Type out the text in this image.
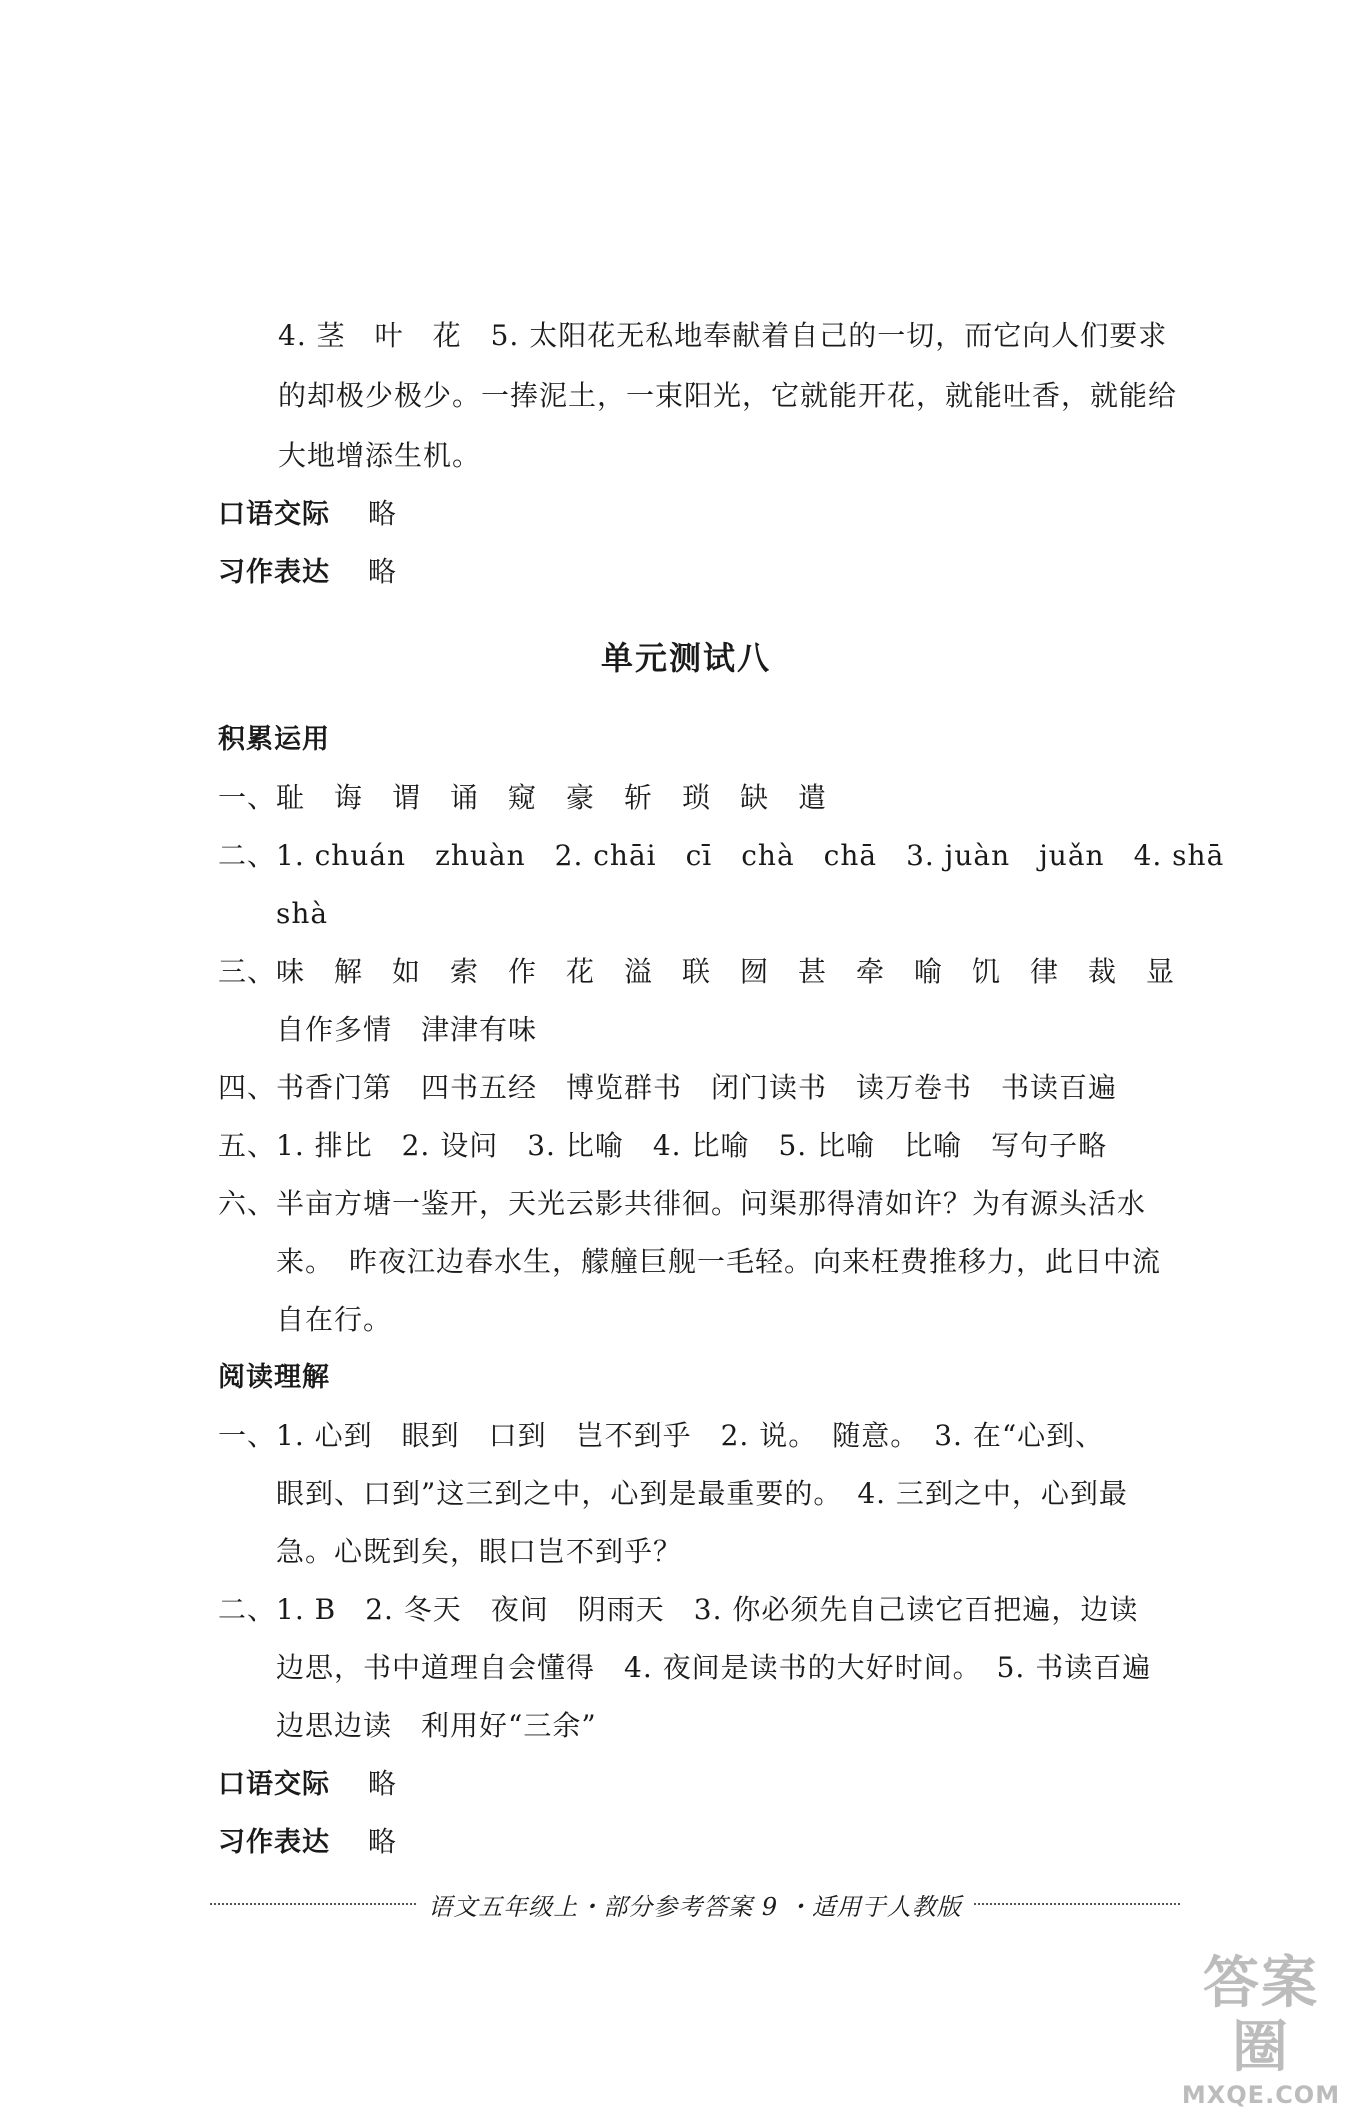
4. 茎　叶　花　5. 太阳花无私地奉献着自己的一切，而它向人们要求
的却极少极少。一捧泥土，一束阳光，它就能开花，就能吐香，就能给
大地增添生机。
口语交际 略
习作表达 略
单元测试八
积累运用
一、耻　诲　谓　诵　窥　豪　斩　琐　缺　遣
二、1. chuán　zhuàn　2. chāi　cī　chà　chā　3. juàn　juǎn　4. shā
　　shà
三、味　解　如　索　作　花　溢　联　囫　甚　牵　喻　饥　律　裁　显
　　自作多情　津津有味
四、书香门第　四书五经　博览群书　闭门读书　读万卷书　书读百遍
五、1. 排比　2. 设问　3. 比喻　4. 比喻　5. 比喻　比喻　写句子略
六、半亩方塘一鉴开，天光云影共徘徊。问渠那得清如许？为有源头活水
　　来。　昨夜江边春水生，艨艟巨舰一毛轻。向来枉费推移力，此日中流
　　自在行。
阅读理解
一、1. 心到　眼到　口到　岂不到乎　2. 说。　随意。　3. 在“心到、
　　眼到、口到”这三到之中，心到是最重要的。　4. 三到之中，心到最
　　急。心既到矣，眼口岂不到乎？
二、1. B　2. 冬天　夜间　阴雨天　3. 你必须先自己读它百把遍，边读
　　边思，书中道理自会懂得　4. 夜间是读书的大好时间。　5. 书读百遍
　　边思边读　利用好“三余”
口语交际 略
习作表达 略
语文五年级上・部分参考答案 9 ・适用于人教版
答案圈
MXQE.COM
